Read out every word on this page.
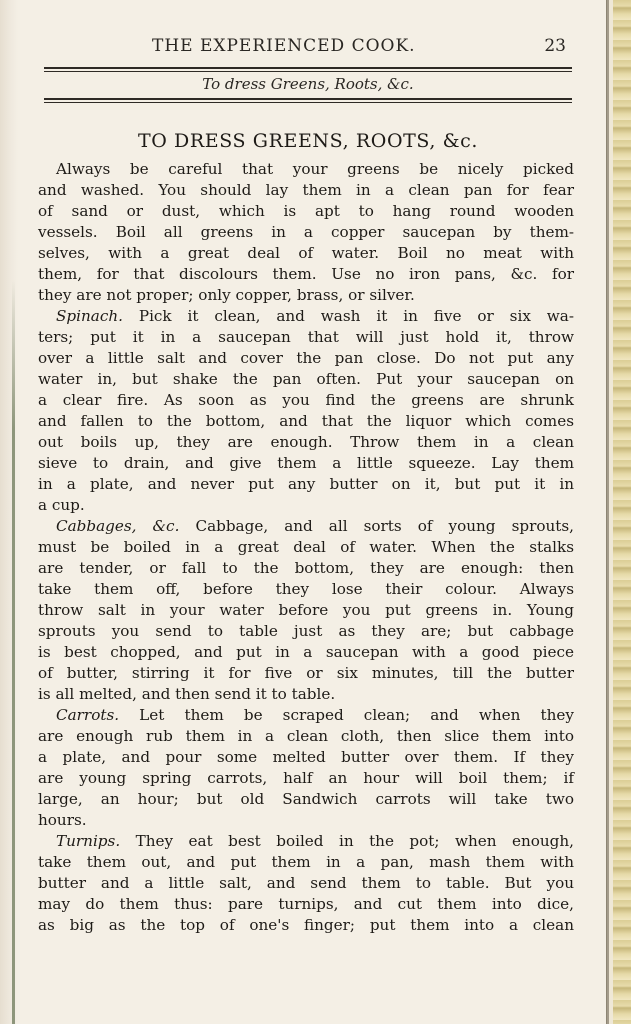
THE EXPERIENCED COOK.	23
To dress Greens, Roots, &c.
TO DRESS GREENS, ROOTS, &c.
Always be careful that your greens be nicely picked
and washed. You should lay them in a clean pan for fear
of sand or dust, which is apt to hang round wooden
vessels. Boil all greens in a copper saucepan by them-
selves, with a great deal of water. Boil no meat with
them, for that discolours them. Use no iron pans, &c. for
they are not proper; only copper, brass, or silver.
Spinach. Pick it clean, and wash it in five or six wa-
ters; put it in a saucepan that will just hold it, throw
over a little salt and cover the pan close. Do not put any
water in, but shake the pan often. Put your saucepan on
a clear fire. As soon as you find the greens are shrunk
and fallen to the bottom, and that the liquor which comes
out boils up, they are enough. Throw them in a clean
sieve to drain, and give them a little squeeze. Lay them
in a plate, and never put any butter on it, but put it in
a cup.
Cabbages, &c. Cabbage, and all sorts of young sprouts,
must be boiled in a great deal of water. When the stalks
are tender, or fall to the bottom, they are enough: then
take them off, before they lose their colour. Always
throw salt in your water before you put greens in. Young
sprouts you send to table just as they are; but cabbage
is best chopped, and put in a saucepan with a good piece
of butter, stirring it for five or six minutes, till the butter
is all melted, and then send it to table.
Carrots. Let them be scraped clean; and when they
are enough rub them in a clean cloth, then slice them into
a plate, and pour some melted butter over them. If they
are young spring carrots, half an hour will boil them; if
large, an hour; but old Sandwich carrots will take two
hours.
Turnips. They eat best boiled in the pot; when enough,
take them out, and put them in a pan, mash them with
butter and a little salt, and send them to table. But you
may do them thus: pare turnips, and cut them into dice,
as big as the top of one's finger; put them into a clean
